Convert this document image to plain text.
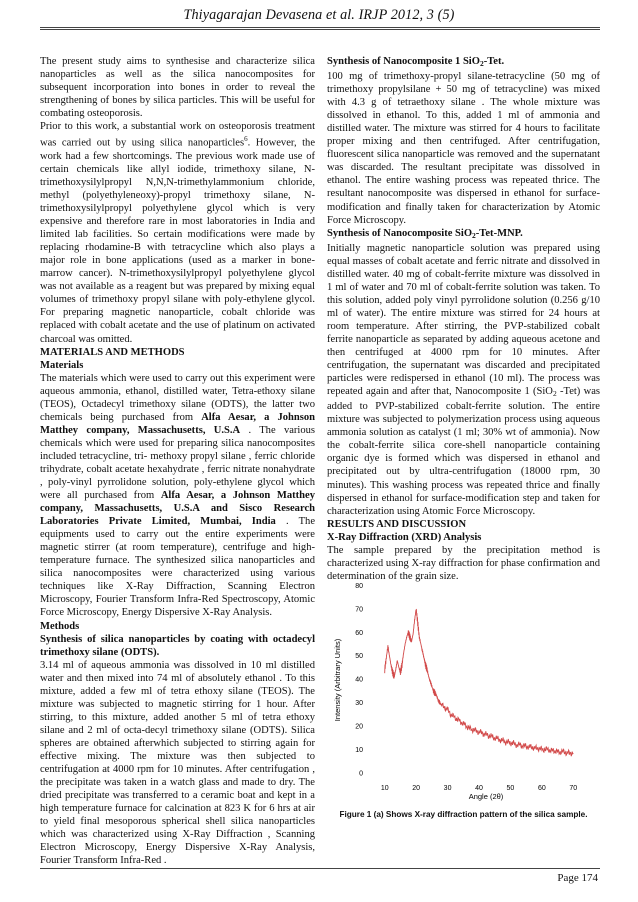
Thiyagarajan Devasena et al. IRJP 2012, 3 (5)

The present study aims to synthesise and characterize silica nanoparticles as well as the silica nanocomposites for subsequent incorporation into bones in order to reveal the strengthening of bones by silica particles. This will be useful for combating osteoporosis.

Prior to this work, a substantial work on osteoporosis treatment was carried out by using silica nanoparticles$^6$. However, the work had a few shortcomings. The previous work made use of certain chemicals like allyl iodide, trimethoxy silane, N-trimethoxysilylpropyl N,N,N-trimethylammonium chloride, methyl (polyethyleneoxy)-propyl trimethoxy silane, N-trimethoxysilylpropyl polyethylene glycol which is very expensive and therefore rare in most laboratories in India and limited lab facilities. So certain modifications were made by replacing rhodamine-B with tetracycline which also plays a major role in bone applications (used as a marker in bone-marrow cancer). N-trimethoxysilylpropyl polyethylene glycol was not available as a reagent but was prepared by mixing equal volumes of trimethoxy propyl silane with poly-ethylene glycol. For preparing magnetic nanoparticle, cobalt chloride was replaced with cobalt acetate and the use of platinum on activated charcoal was omitted.

MATERIALS AND METHODS

Materials

The materials which were used to carry out this experiment were aqueous ammonia, ethanol, distilled water, Tetra-ethoxy silane (TEOS), Octadecyl trimethoxy silane (ODTS), the latter two chemicals being purchased from Alfa Aesar, a Johnson Matthey company, Massachusetts, U.S.A . The various chemicals which were used for preparing silica nanocomposites included tetracycline, tri- methoxy propyl silane , ferric chloride trihydrate, cobalt acetate hexahydrate , ferric nitrate nonahydrate , poly-vinyl pyrrolidone solution, poly-ethylene glycol which were all purchased from Alfa Aesar, a Johnson Matthey company, Massachusetts, U.S.A and Sisco Research Laboratories Private Limited, Mumbai, India . The equipments used to carry out the entire experiments were magnetic stirrer (at room temperature), centrifuge and high-temperature furnace. The synthesized silica nanoparticles and silica nanocomposites were characterized using various techniques like X-Ray Diffraction, Scanning Electron Microscopy, Fourier Transform Infra-Red Spectroscopy, Atomic Force Microscopy, Energy Dispersive X-Ray Analysis.

Methods

Synthesis of silica nanoparticles by coating with octadecyl trimethoxy silane (ODTS).

3.14 ml of aqueous ammonia was dissolved in 10 ml distilled water and then mixed into 74 ml of absolutely ethanol . To this mixture, added a few ml of tetra ethoxy silane (TEOS). The mixture was subjected to magnetic stirring for 1 hour. After stirring, to this mixture, added another 5 ml of tetra ethoxy silane and 2 ml of octa-decyl trimethoxy silane (ODTS). Silica spheres are obtained afterwhich subjected to stirring again for effective mixing. The mixture was then subjected to centrifugation at 4000 rpm for 10 minutes. After centrifugation , the precipitate was taken in a watch glass and made to dry. The dried precipitate was transferred to a ceramic boat and kept in a high temperature furnace for calcination at 823 K for 6 hrs at air to yield final mesoporous spherical shell silica nanoparticles which was characterized using X-Ray Diffraction , Scanning Electron Microscopy, Energy Dispersive X-Ray Analysis, Fourier Transform Infra-Red .

Synthesis of Nanocomposite 1 SiO$_2$-Tet.

100 mg of trimethoxy-propyl silane-tetracycline (50 mg of trimethoxy propylsilane + 50 mg of tetracycline) was mixed with 4.3 g of tetraethoxy silane . The whole mixture was dissolved in ethanol. To this, added 1 ml of ammonia and distilled water. The mixture was stirred for 4 hours to facilitate proper mixing and then centrifuged. After centrifugation, fluorescent silica nanoparticle was removed and the supernatant was discarded. The resultant precipitate was dissolved in ethanol. The entire washing process was repeated thrice. The resultant nanocomposite was dispersed in ethanol for surface-modification and finally taken for characterization by Atomic Force Microscopy.

Synthesis of Nanocomposite SiO$_2$-Tet-MNP.

Initially magnetic nanoparticle solution was prepared using equal masses of cobalt acetate and ferric nitrate and dissolved in distilled water. 40 mg of cobalt-ferrite mixture was dissolved in 1 ml of water and 70 ml of cobalt-ferrite solution was taken. To this solution, added poly vinyl pyrrolidone solution (0.256 g/10 ml of water). The entire mixture was stirred for 24 hours at room temperature. After stirring, the PVP-stabilized cobalt ferrite nanoparticle as separated by adding aqueous acetone and then centrifuged at 4000 rpm for 10 minutes. After centrifugation, the supernatant was discarded and precipitated particles were redispersed in ethanol (10 ml). The process was repeated again and after that, Nanocomposite 1 (SiO$_2$ -Tet) was added to PVP-stabilized cobalt-ferrite solution. The entire mixture was subjected to polymerization process using aqueous ammonia solution as catalyst (1 ml; 30% wt of ammonia). Now the cobalt-ferrite silica core-shell nanoparticle containing organic dye is formed which was dispersed in ethanol and precipitated out by ultra-centrifugation (18000 rpm, 30 minutes). This washing process was repeated thrice and finally dispersed in ethanol for surface-modification step and taken for characterization using Atomic Force Microscopy.

RESULTS AND DISCUSSION

X-Ray Diffraction (XRD) Analysis

The sample prepared by the precipitation method is characterized using X-ray diffraction for phase confirmation and determination of the grain size.

0
10
20
30
40
50
60
70
80
10	20	30	40	50	60	70
Intensity (Arbitrary Units)
Angle (2θ)
Figure 1 (a) Shows X-ray diffraction pattern of the silica sample.
Page 174
